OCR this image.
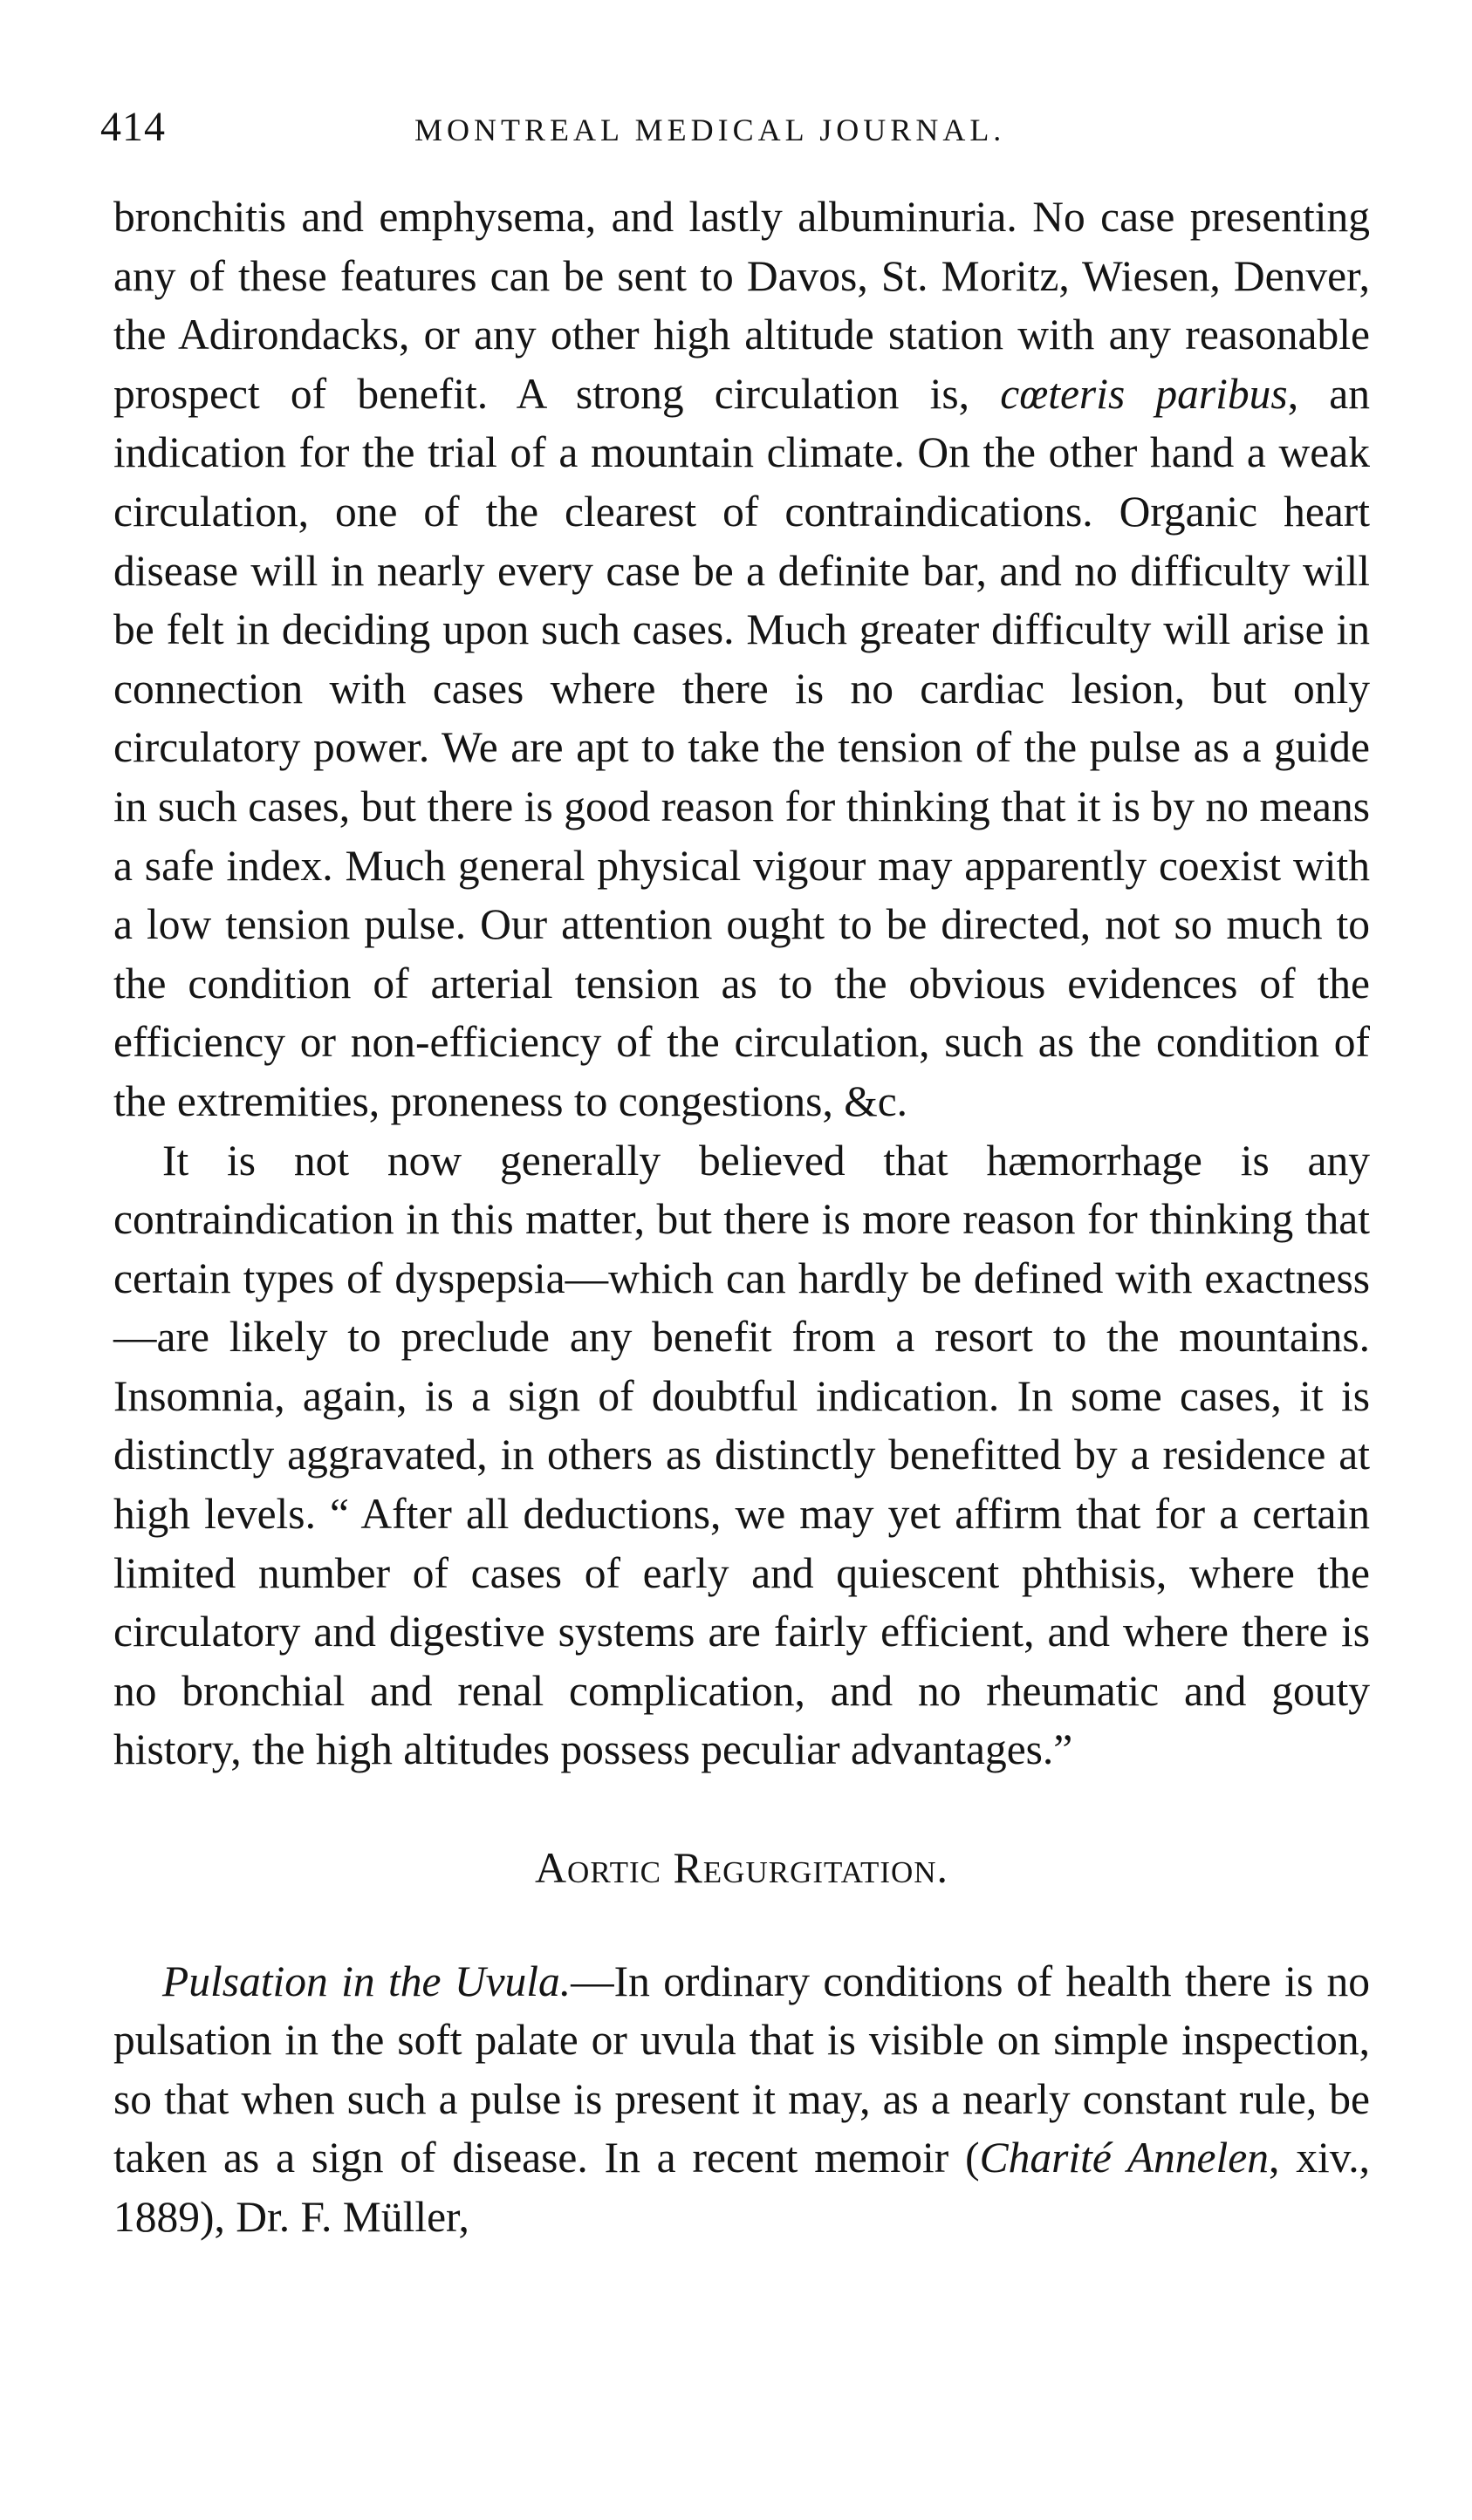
414	MONTREAL MEDICAL JOURNAL.

bronchitis and emphysema, and lastly albuminuria. No case presenting any of these features can be sent to Davos, St. Moritz, Wiesen, Denver, the Adirondacks, or any other high altitude station with any reasonable prospect of benefit. A strong circulation is, cœteris paribus, an indication for the trial of a mountain climate. On the other hand a weak circulation, one of the clearest of contraindications. Organic heart disease will in nearly every case be a definite bar, and no difficulty will be felt in deciding upon such cases. Much greater difficulty will arise in connection with cases where there is no cardiac lesion, but only circulatory power. We are apt to take the tension of the pulse as a guide in such cases, but there is good reason for thinking that it is by no means a safe index. Much general physical vigour may apparently coexist with a low tension pulse. Our attention ought to be directed, not so much to the condition of arterial tension as to the obvious evidences of the efficiency or non-efficiency of the circulation, such as the condition of the extremities, proneness to congestions, &c.

It is not now generally believed that hæmorrhage is any contraindication in this matter, but there is more reason for thinking that certain types of dyspepsia—which can hardly be defined with exactness—are likely to preclude any benefit from a resort to the mountains. Insomnia, again, is a sign of doubtful indication. In some cases, it is distinctly aggravated, in others as distinctly benefitted by a residence at high levels. “ After all deductions, we may yet affirm that for a certain limited number of cases of early and quiescent phthisis, where the circulatory and digestive systems are fairly efficient, and where there is no bronchial and renal complication, and no rheumatic and gouty history, the high altitudes possess peculiar advantages.”

Aortic Regurgitation.

Pulsation in the Uvula.—In ordinary conditions of health there is no pulsation in the soft palate or uvula that is visible on simple inspection, so that when such a pulse is present it may, as a nearly constant rule, be taken as a sign of disease. In a recent memoir (Charité Annelen, xiv., 1889), Dr. F. Müller,
